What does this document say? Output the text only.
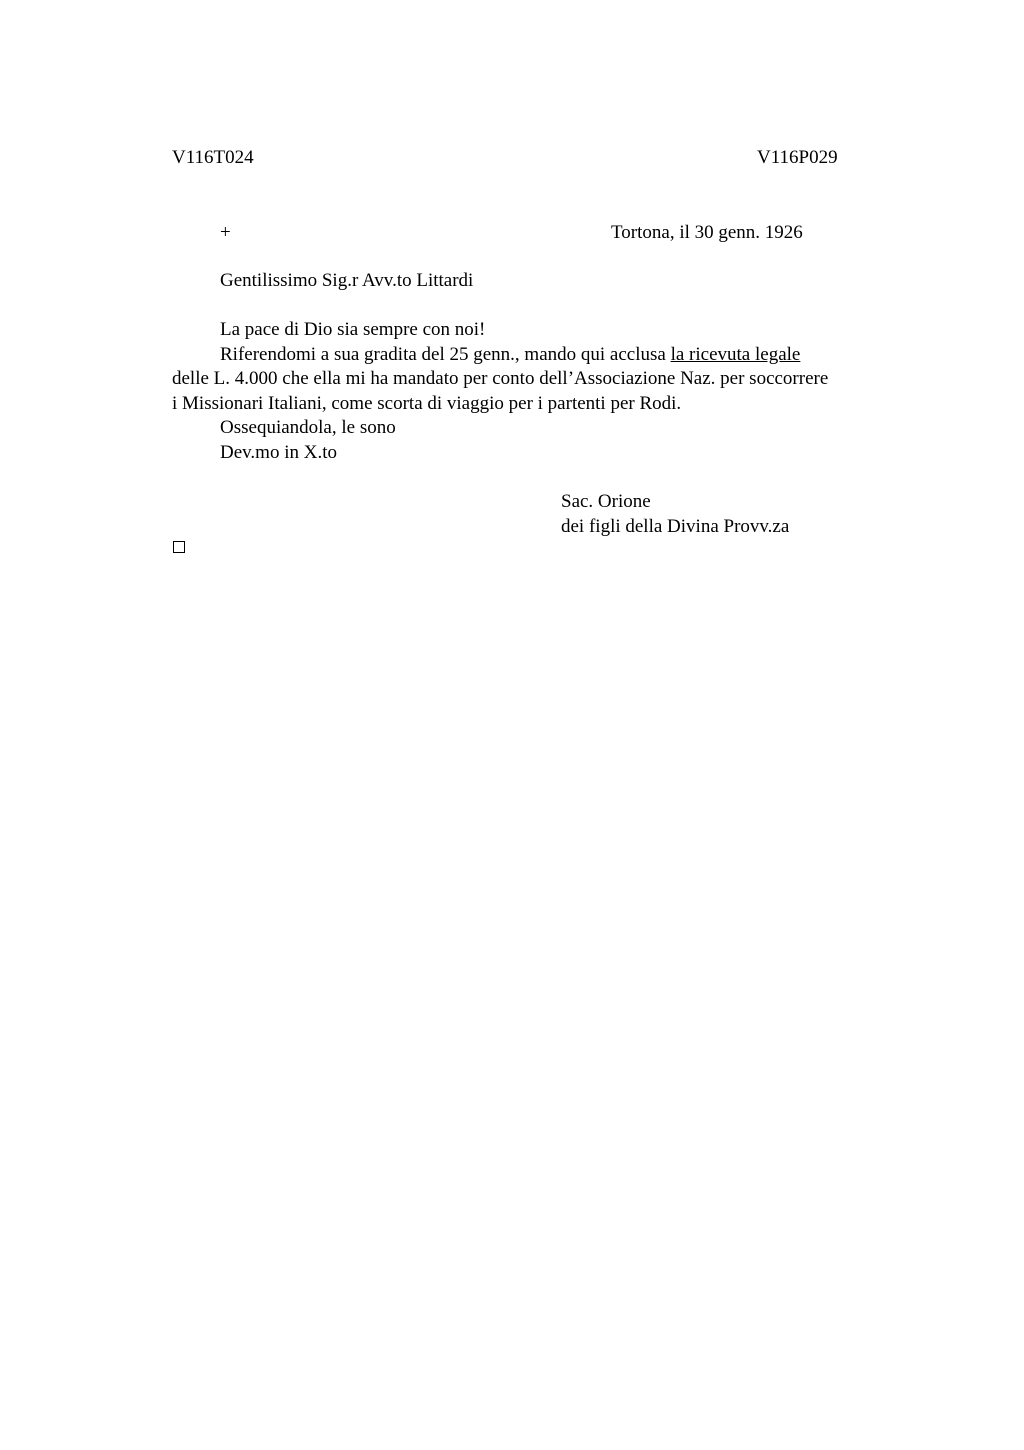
V116T024	V116P029
+	Tortona, il 30 genn. 1926
Gentilissimo Sig.r Avv.to Littardi
La pace di Dio sia sempre con noi!
Riferendomi a sua gradita del 25 genn., mando qui acclusa la ricevuta legale
delle L. 4.000 che ella mi ha mandato per conto dell’Associazione Naz. per soccorrere
i Missionari Italiani, come scorta di viaggio per i partenti per Rodi.
Ossequiandola, le sono
Dev.mo in X.to
Sac. Orione
dei figli della Divina Provv.za
